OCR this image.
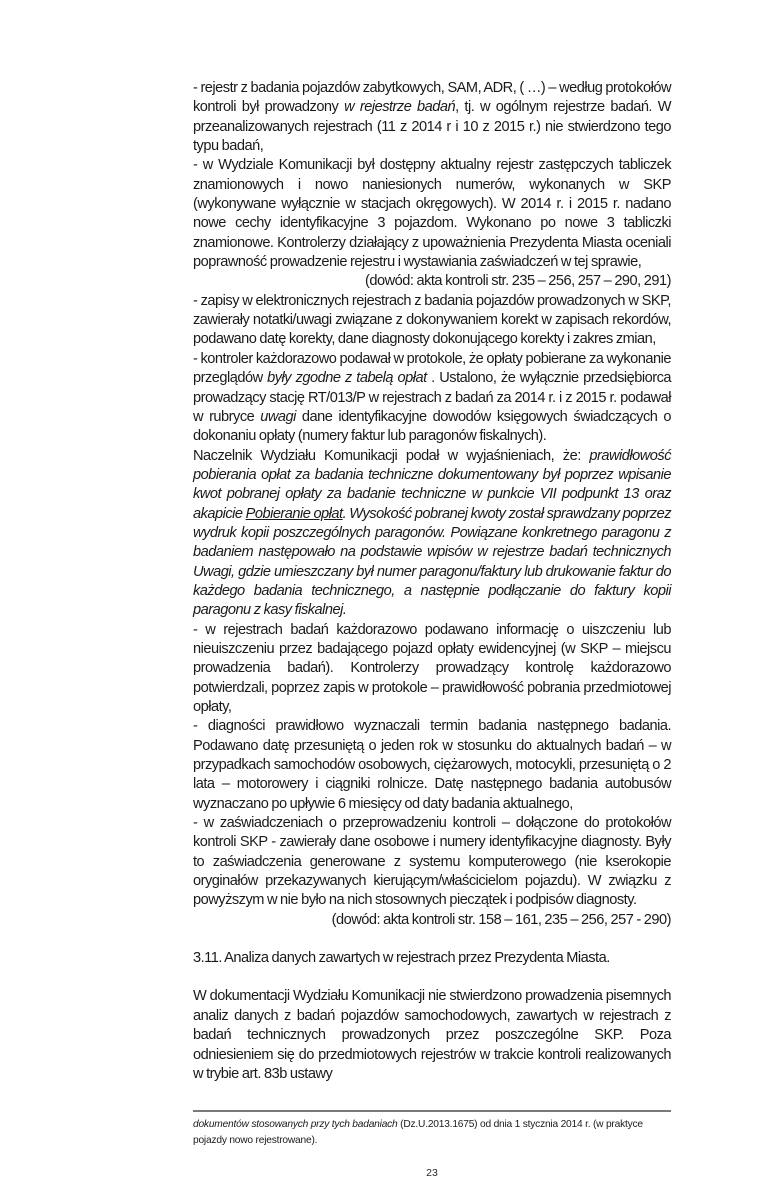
- rejestr z badania pojazdów zabytkowych, SAM, ADR, ( …) – według protokołów kontroli był prowadzony w rejestrze badań, tj. w ogólnym rejestrze badań. W przeanalizowanych rejestrach (11 z 2014 r i 10 z 2015 r.) nie stwierdzono tego typu badań,

- w Wydziale Komunikacji był dostępny aktualny rejestr zastępczych tabliczek znamionowych i nowo naniesionych numerów, wykonanych w SKP (wykonywane wyłącznie w stacjach okręgowych). W 2014 r. i 2015 r. nadano nowe cechy identyfikacyjne 3 pojazdom. Wykonano po nowe 3 tabliczki znamionowe. Kontrolerzy działający z upoważnienia Prezydenta Miasta oceniali poprawność prowadzenie rejestru i wystawiania zaświadczeń w tej sprawie,

(dowód: akta kontroli str. 235 – 256, 257 – 290, 291)

- zapisy w elektronicznych rejestrach z badania pojazdów prowadzonych w SKP, zawierały notatki/uwagi związane z dokonywaniem korekt w zapisach rekordów, podawano datę korekty, dane diagnosty dokonującego korekty i zakres zmian,

- kontroler każdorazowo podawał w protokole, że opłaty pobierane za wykonanie przeglądów były zgodne z tabelą opłat . Ustalono, że wyłącznie przedsiębiorca prowadzący stację RT/013/P w rejestrach z badań za 2014 r. i z 2015 r. podawał w rubryce uwagi dane identyfikacyjne dowodów księgowych świadczących o dokonaniu opłaty (numery faktur lub paragonów fiskalnych).

Naczelnik Wydziału Komunikacji podał w wyjaśnieniach, że: prawidłowość pobierania opłat za badania techniczne dokumentowany był poprzez wpisanie kwot pobranej opłaty za badanie techniczne w punkcie VII podpunkt 13 oraz akapicie Pobieranie opłat. Wysokość pobranej kwoty został sprawdzany poprzez wydruk kopii poszczególnych paragonów. Powiązane konkretnego paragonu z badaniem następowało na podstawie wpisów w rejestrze badań technicznych Uwagi, gdzie umieszczany był numer paragonu/faktury lub drukowanie faktur do każdego badania technicznego, a następnie podłączanie do faktury kopii paragonu z kasy fiskalnej.

- w rejestrach badań każdorazowo podawano informację o uiszczeniu lub nieuiszczeniu przez badającego pojazd opłaty ewidencyjnej (w SKP – miejscu prowadzenia badań). Kontrolerzy prowadzący kontrolę każdorazowo potwierdzali, poprzez zapis w protokole – prawidłowość pobrania przedmiotowej opłaty,

- diagności prawidłowo wyznaczali termin badania następnego badania. Podawano datę przesuniętą o jeden rok w stosunku do aktualnych badań – w przypadkach samochodów osobowych, ciężarowych, motocykli, przesuniętą o 2 lata – motorowery i ciągniki rolnicze. Datę następnego badania autobusów wyznaczano po upływie 6 miesięcy od daty badania aktualnego,

- w zaświadczeniach o przeprowadzeniu kontroli – dołączone do protokołów kontroli SKP - zawierały dane osobowe i numery identyfikacyjne diagnosty. Były to zaświadczenia generowane z systemu komputerowego (nie kserokopie oryginałów przekazywanych kierującym/właścicielom pojazdu). W związku z powyższym w nie było na nich stosownych pieczątek i podpisów diagnosty.

(dowód: akta kontroli str. 158 – 161, 235 – 256, 257 - 290)

3.11. Analiza danych zawartych w rejestrach przez Prezydenta Miasta.

W dokumentacji Wydziału Komunikacji nie stwierdzono prowadzenia pisemnych analiz danych z badań pojazdów samochodowych, zawartych w rejestrach z badań technicznych prowadzonych przez poszczególne SKP. Poza odniesieniem się do przedmiotowych rejestrów w trakcie kontroli realizowanych w trybie art. 83b ustawy

dokumentów stosowanych przy tych badaniach (Dz.U.2013.1675) od dnia 1 stycznia 2014 r. (w praktyce pojazdy nowo rejestrowane).
23
